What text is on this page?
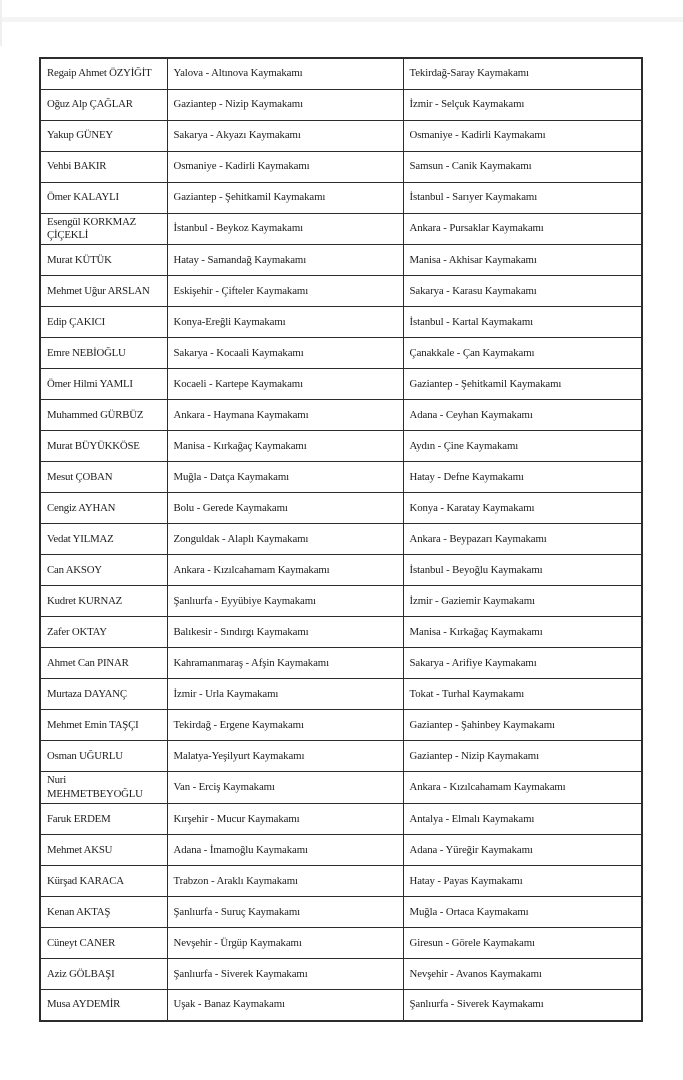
Regaip Ahmet ÖZYİĞİT	Yalova - Altınova Kaymakamı	Tekirdağ-Saray Kaymakamı
Oğuz Alp ÇAĞLAR	Gaziantep - Nizip Kaymakamı	İzmir - Selçuk Kaymakamı
Yakup GÜNEY	Sakarya - Akyazı Kaymakamı	Osmaniye - Kadirli Kaymakamı
Vehbi BAKIR	Osmaniye - Kadirli Kaymakamı	Samsun - Canik Kaymakamı
Ömer KALAYLI	Gaziantep - Şehitkamil Kaymakamı	İstanbul - Sarıyer Kaymakamı
Esengül KORKMAZ ÇİÇEKLİ	İstanbul - Beykoz Kaymakamı	Ankara - Pursaklar Kaymakamı
Murat KÜTÜK	Hatay - Samandağ Kaymakamı	Manisa - Akhisar Kaymakamı
Mehmet Uğur ARSLAN	Eskişehir - Çifteler Kaymakamı	Sakarya - Karasu Kaymakamı
Edip ÇAKICI	Konya-Ereğli Kaymakamı	İstanbul - Kartal Kaymakamı
Emre NEBİOĞLU	Sakarya - Kocaali Kaymakamı	Çanakkale - Çan Kaymakamı
Ömer Hilmi YAMLI	Kocaeli - Kartepe Kaymakamı	Gaziantep - Şehitkamil Kaymakamı
Muhammed GÜRBÜZ	Ankara - Haymana Kaymakamı	Adana - Ceyhan Kaymakamı
Murat BÜYÜKKÖSE	Manisa - Kırkağaç Kaymakamı	Aydın - Çine Kaymakamı
Mesut ÇOBAN	Muğla - Datça Kaymakamı	Hatay - Defne Kaymakamı
Cengiz AYHAN	Bolu - Gerede Kaymakamı	Konya - Karatay Kaymakamı
Vedat YILMAZ	Zonguldak - Alaplı Kaymakamı	Ankara - Beypazarı Kaymakamı
Can AKSOY	Ankara - Kızılcahamam Kaymakamı	İstanbul - Beyoğlu Kaymakamı
Kudret KURNAZ	Şanlıurfa - Eyyübiye Kaymakamı	İzmir - Gaziemir Kaymakamı
Zafer OKTAY	Balıkesir - Sındırgı Kaymakamı	Manisa - Kırkağaç Kaymakamı
Ahmet Can PINAR	Kahramanmaraş - Afşin Kaymakamı	Sakarya - Arifiye Kaymakamı
Murtaza DAYANÇ	İzmir - Urla Kaymakamı	Tokat - Turhal Kaymakamı
Mehmet Emin TAŞÇI	Tekirdağ - Ergene Kaymakamı	Gaziantep - Şahinbey Kaymakamı
Osman UĞURLU	Malatya-Yeşilyurt Kaymakamı	Gaziantep - Nizip Kaymakamı
Nuri MEHMETBEYOĞLU	Van - Erciş Kaymakamı	Ankara - Kızılcahamam Kaymakamı
Faruk ERDEM	Kırşehir - Mucur Kaymakamı	Antalya - Elmalı Kaymakamı
Mehmet AKSU	Adana - İmamoğlu Kaymakamı	Adana - Yüreğir Kaymakamı
Kürşad KARACA	Trabzon - Araklı Kaymakamı	Hatay - Payas Kaymakamı
Kenan AKTAŞ	Şanlıurfa - Suruç Kaymakamı	Muğla - Ortaca Kaymakamı
Cüneyt CANER	Nevşehir - Ürgüp Kaymakamı	Giresun - Görele Kaymakamı
Aziz GÖLBAŞI	Şanlıurfa - Siverek Kaymakamı	Nevşehir - Avanos Kaymakamı
Musa AYDEMİR	Uşak - Banaz Kaymakamı	Şanlıurfa - Siverek Kaymakamı
